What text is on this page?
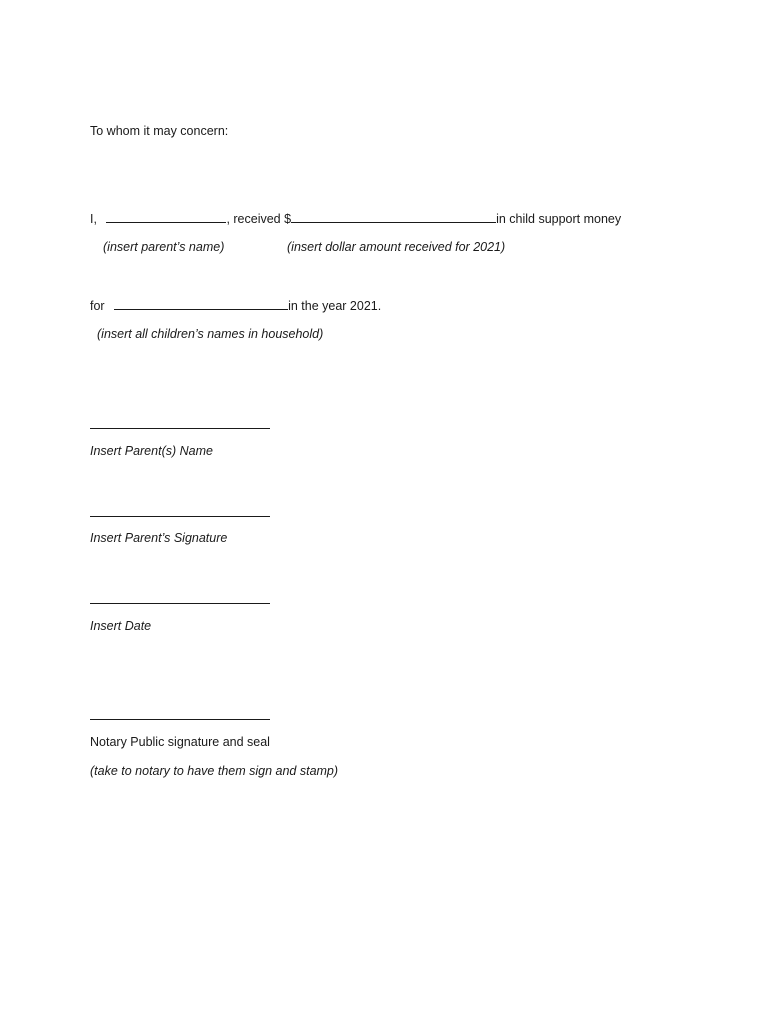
To whom it may concern:
I,	, received $	in child support money
(insert parent’s name)	(insert dollar amount received for 2021)
for	in the year 2021.
(insert all children’s names in household)
Insert Parent(s) Name
Insert Parent’s Signature
Insert Date
Notary Public signature and seal
(take to notary to have them sign and stamp)
